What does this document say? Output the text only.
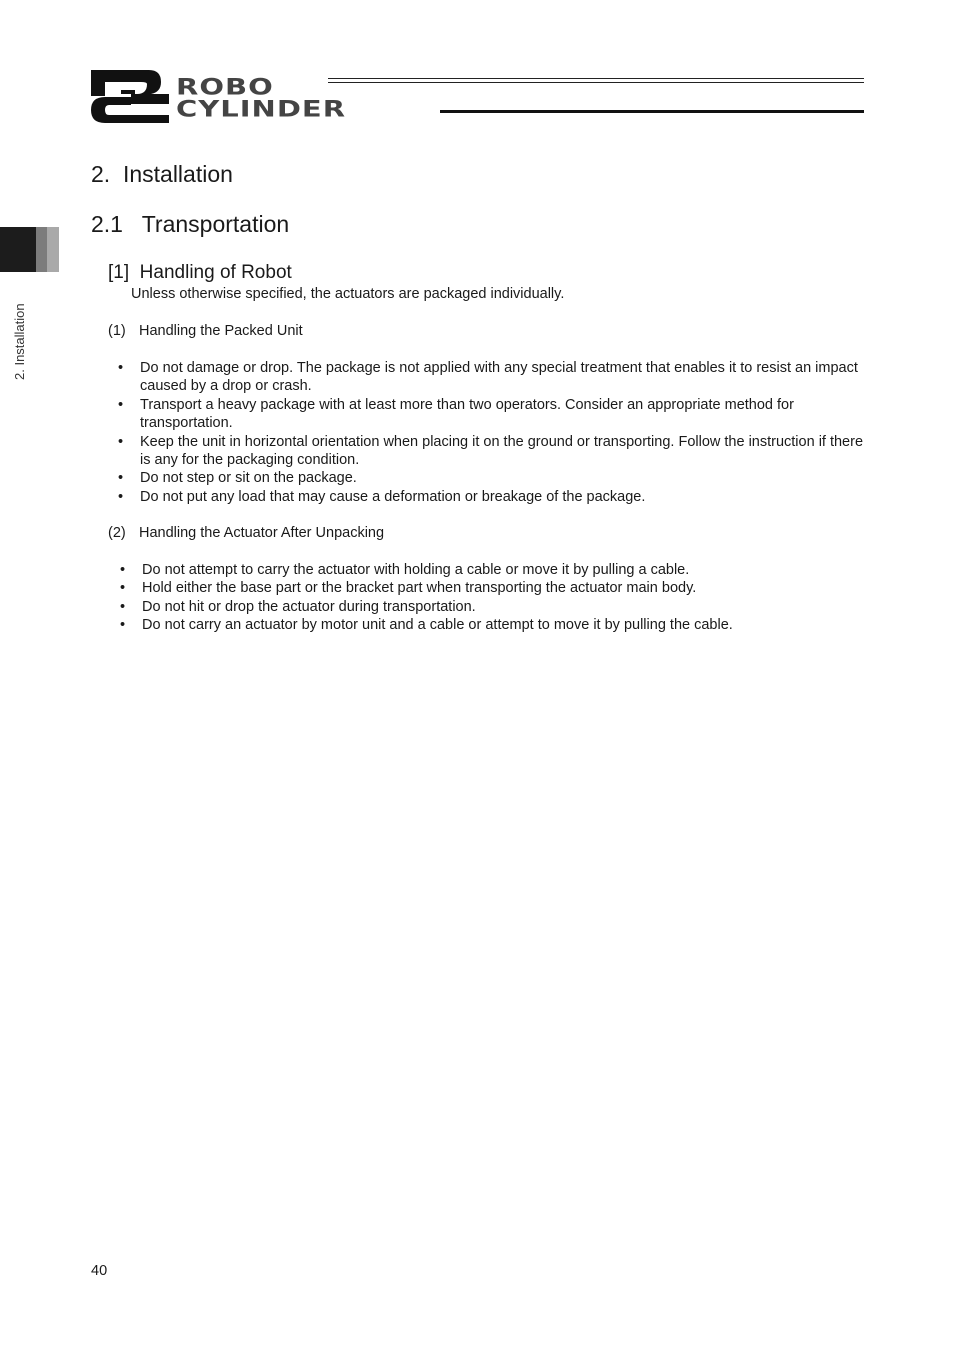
ROBO
CYLINDER
2. Installation
2.  Installation
2.1   Transportation
[1]  Handling of Robot
Unless otherwise specified, the actuators are packaged individually.
(1) Handling the Packed Unit
• Do not damage or drop. The package is not applied with any special treatment that enables it to resist an impact caused by a drop or crash.
• Transport a heavy package with at least more than two operators. Consider an appropriate method for transportation.
• Keep the unit in horizontal orientation when placing it on the ground or transporting. Follow the instruction if there is any for the packaging condition.
• Do not step or sit on the package.
• Do not put any load that may cause a deformation or breakage of the package.
(2) Handling the Actuator After Unpacking
• Do not attempt to carry the actuator with holding a cable or move it by pulling a cable.
• Hold either the base part or the bracket part when transporting the actuator main body.
• Do not hit or drop the actuator during transportation.
• Do not carry an actuator by motor unit and a cable or attempt to move it by pulling the cable.
40
